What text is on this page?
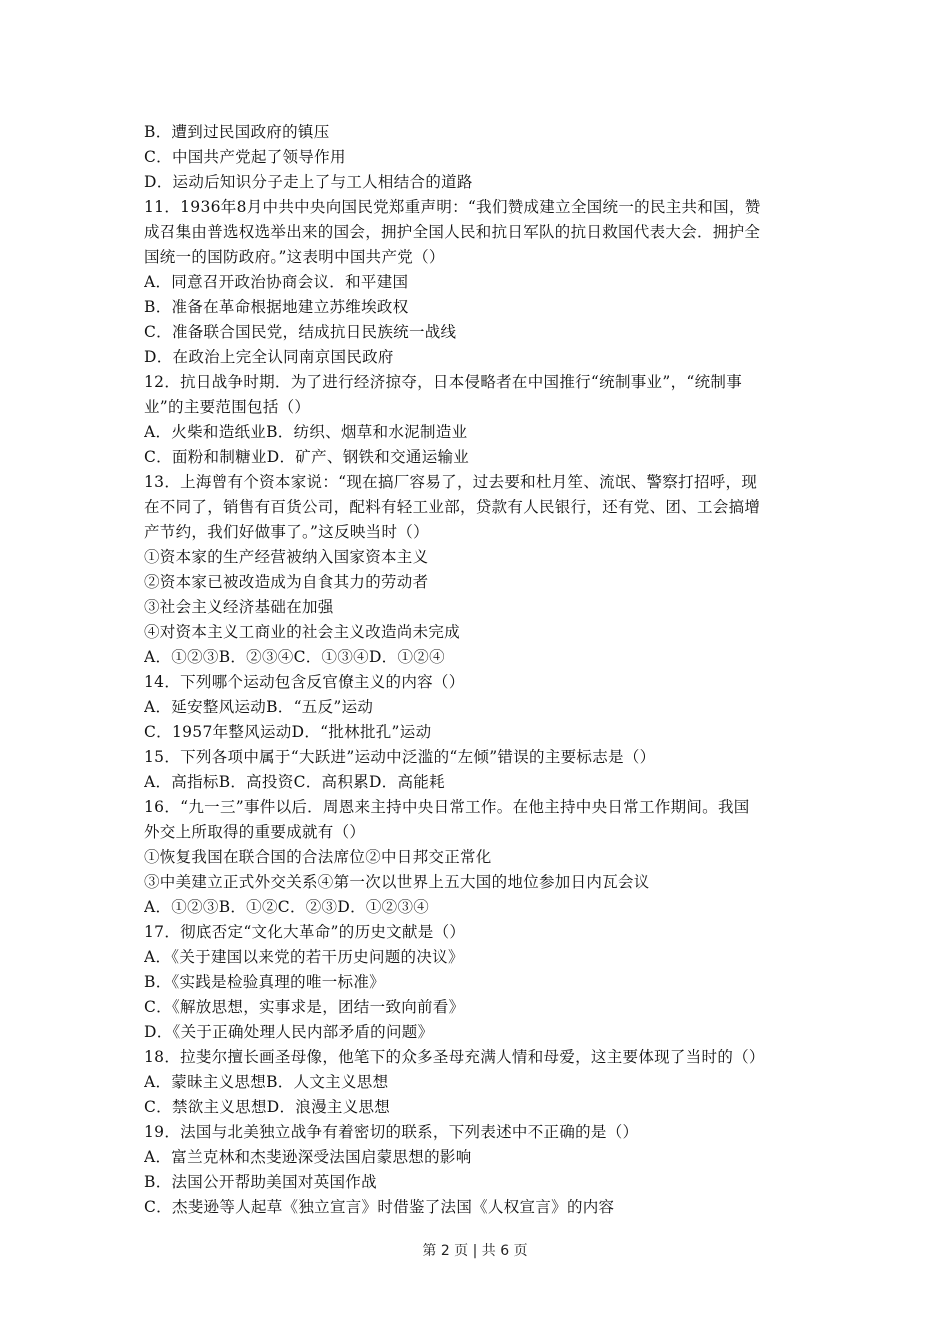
B．遭到过民国政府的镇压
C．中国共产党起了领导作用
D．运动后知识分子走上了与工人相结合的道路
11．1936年8月中共中央向国民党郑重声明：“我们赞成建立全国统一的民主共和国，赞
成召集由普选权选举出来的国会，拥护全国人民和抗日军队的抗日救国代表大会．拥护全
国统一的国防政府。”这表明中国共产党（）
A．同意召开政治协商会议．和平建国
B．准备在革命根据地建立苏维埃政权
C．准备联合国民党，结成抗日民族统一战线
D．在政治上完全认同南京国民政府
12．抗日战争时期．为了进行经济掠夺，日本侵略者在中国推行“统制事业”，“统制事
业”的主要范围包括（）
A．火柴和造纸业B．纺织、烟草和水泥制造业
C．面粉和制糖业D．矿产、钢铁和交通运输业
13．上海曾有个资本家说：“现在搞厂容易了，过去要和杜月笙、流氓、警察打招呼，现
在不同了，销售有百货公司，配料有轻工业部，贷款有人民银行，还有党、团、工会搞增
产节约，我们好做事了。”这反映当时（）
①资本家的生产经营被纳入国家资本主义
②资本家已被改造成为自食其力的劳动者
③社会主义经济基础在加强
④对资本主义工商业的社会主义改造尚未完成
A．①②③B．②③④C．①③④D．①②④
14．下列哪个运动包含反官僚主义的内容（）
A．延安整风运动B．“五反”运动
C．1957年整风运动D．“批林批孔”运动
15．下列各项中属于“大跃进”运动中泛滥的“左倾”错误的主要标志是（）
A．高指标B．高投资C．高积累D．高能耗
16．“九一三”事件以后．周恩来主持中央日常工作。在他主持中央日常工作期间。我国
外交上所取得的重要成就有（）
①恢复我国在联合国的合法席位②中日邦交正常化
③中美建立正式外交关系④第一次以世界上五大国的地位参加日内瓦会议
A．①②③B．①②C．②③D．①②③④
17．彻底否定“文化大革命”的历史文献是（）
A．《关于建国以来党的若干历史问题的决议》
B．《实践是检验真理的唯一标准》
C．《解放思想，实事求是，团结一致向前看》
D．《关于正确处理人民内部矛盾的问题》
18．拉斐尔擅长画圣母像，他笔下的众多圣母充满人情和母爱，这主要体现了当时的（）
A．蒙昧主义思想B．人文主义思想
C．禁欲主义思想D．浪漫主义思想
19．法国与北美独立战争有着密切的联系，下列表述中不正确的是（）
A．富兰克林和杰斐逊深受法国启蒙思想的影响
B．法国公开帮助美国对英国作战
C．杰斐逊等人起草《独立宣言》时借鉴了法国《人权宣言》的内容
第 2 页 | 共 6 页
